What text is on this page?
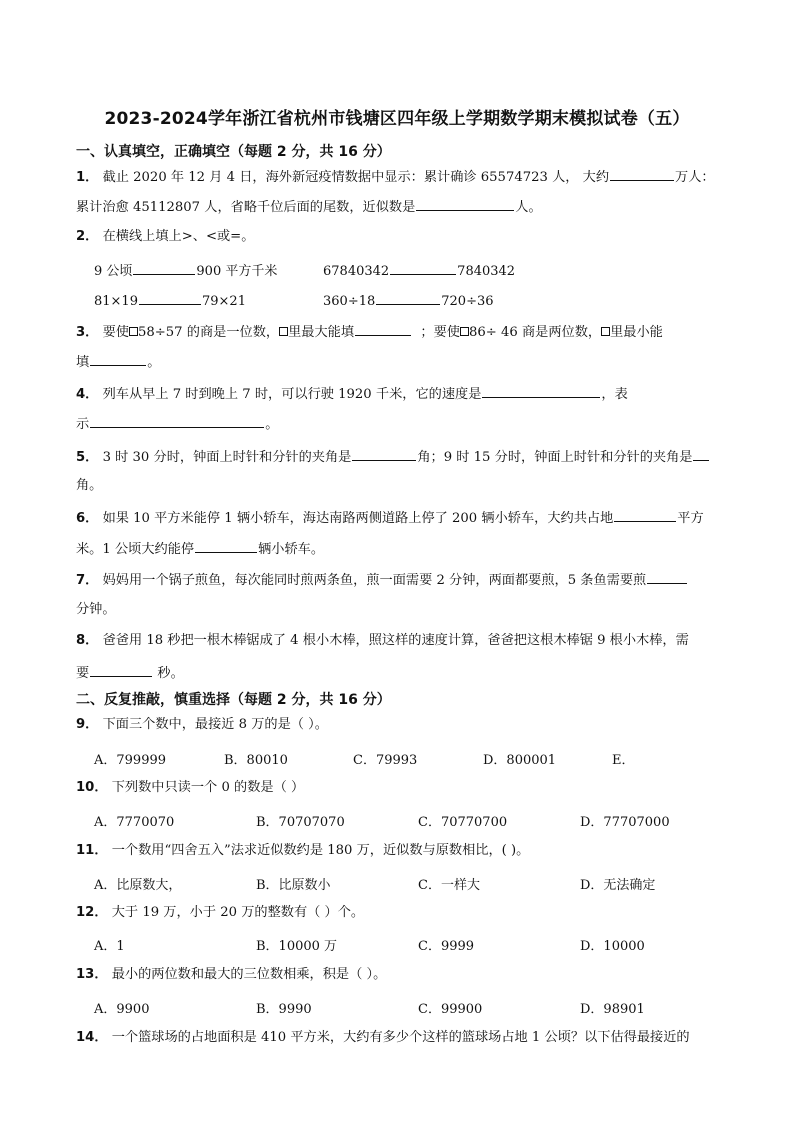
2023-2024学年浙江省杭州市钱塘区四年级上学期数学期末模拟试卷（五）
一、认真填空，正确填空（每题 2 分，共 16 分）
1． 截止 2020 年 12 月 4 日，海外新冠疫情数据中显示：累计确诊 65574723 人， 大约	万人：
累计治愈 45112807 人，省略千位后面的尾数，近似数是	人。
2． 在横线上填上>、<或=。
9 公顷	900 平方千米	67840342	7840342
81×19	79×21	360÷18	720÷36
3． 要使 58÷57 的商是一位数， 里最大能填	；要使 86÷ 46 商是两位数， 里最小能
填	。
4． 列车从早上 7 时到晚上 7 时，可以行驶 1920 千米，它的速度是	，表
示	。
5． 3 时 30 分时，钟面上时针和分针的夹角是	角；9 时 15 分时，钟面上时针和分针的夹角是
角。
6． 如果 10 平方米能停 1 辆小轿车，海达南路两侧道路上停了 200 辆小轿车，大约共占地	平方
米。1 公顷大约能停	辆小轿车。
7． 妈妈用一个锅子煎鱼，每次能同时煎两条鱼，煎一面需要 2 分钟，两面都要煎，5 条鱼需要煎
分钟。
8． 爸爸用 18 秒把一根木棒锯成了 4 根小木棒，照这样的速度计算，爸爸把这根木棒锯 9 根小木棒，需
要	秒。
二、反复推敲，慎重选择（每题 2 分，共 16 分）
9． 下面三个数中，最接近 8 万的是（ ）。
A．799999	B．80010	C．79993	D．800001	E．
10． 下列数中只读一个 0 的数是（ ）
A．7770070	B．70707070	C．70770700	D．77707000
11． 一个数用“四舍五入”法求近似数约是 180 万，近似数与原数相比，( )。
A．比原数大，	B．比原数小	C．一样大	D．无法确定
12． 大于 19 万，小于 20 万的整数有（ ）个。
A．1	B．10000 万	C．9999	D．10000
13． 最小的两位数和最大的三位数相乘，积是（ ）。
A．9900	B．9990	C．99900	D．98901
14． 一个篮球场的占地面积是 410 平方米，大约有多少个这样的篮球场占地 1 公顷？以下估得最接近的
